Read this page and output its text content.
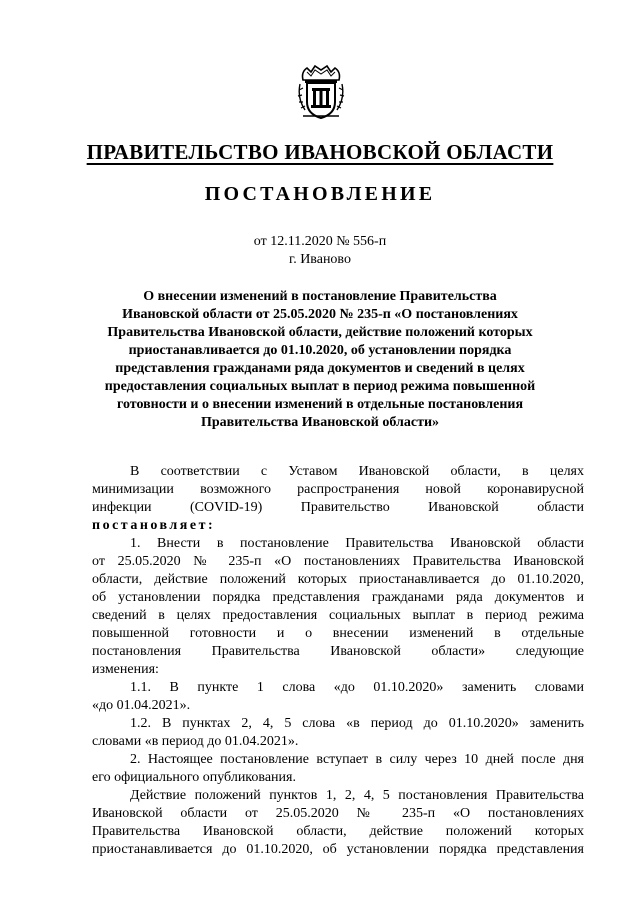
ПРАВИТЕЛЬСТВО ИВАНОВСКОЙ ОБЛАСТИ
ПОСТАНОВЛЕНИЕ
от 12.11.2020 № 556-п
г. Иваново
О внесении изменений в постановление Правительства
Ивановской области от 25.05.2020 № 235-п «О постановлениях
Правительства Ивановской области, действие положений которых
приостанавливается до 01.10.2020, об установлении порядка
представления гражданами ряда документов и сведений в целях
предоставления социальных выплат в период режима повышенной
готовности и о внесении изменений в отдельные постановления
Правительства Ивановской области»
В соответствии с Уставом Ивановской области, в целях
минимизации возможного распространения новой коронавирусной
инфекции (COVID-19) Правительство Ивановской области
постановляет:
1. Внести в постановление Правительства Ивановской области
от 25.05.2020 № 235-п «О постановлениях Правительства Ивановской
области, действие положений которых приостанавливается до 01.10.2020,
об установлении порядка представления гражданами ряда документов и
сведений в целях предоставления социальных выплат в период режима
повышенной готовности и о внесении изменений в отдельные
постановления Правительства Ивановской области» следующие
изменения:
1.1. В пункте 1 слова «до 01.10.2020» заменить словами
«до 01.04.2021».
1.2. В пунктах 2, 4, 5 слова «в период до 01.10.2020» заменить
словами «в период до 01.04.2021».
2. Настоящее постановление вступает в силу через 10 дней после дня
его официального опубликования.
Действие положений пунктов 1, 2, 4, 5 постановления Правительства
Ивановской области от 25.05.2020 № 235-п «О постановлениях
Правительства Ивановской области, действие положений которых
приостанавливается до 01.10.2020, об установлении порядка представления
